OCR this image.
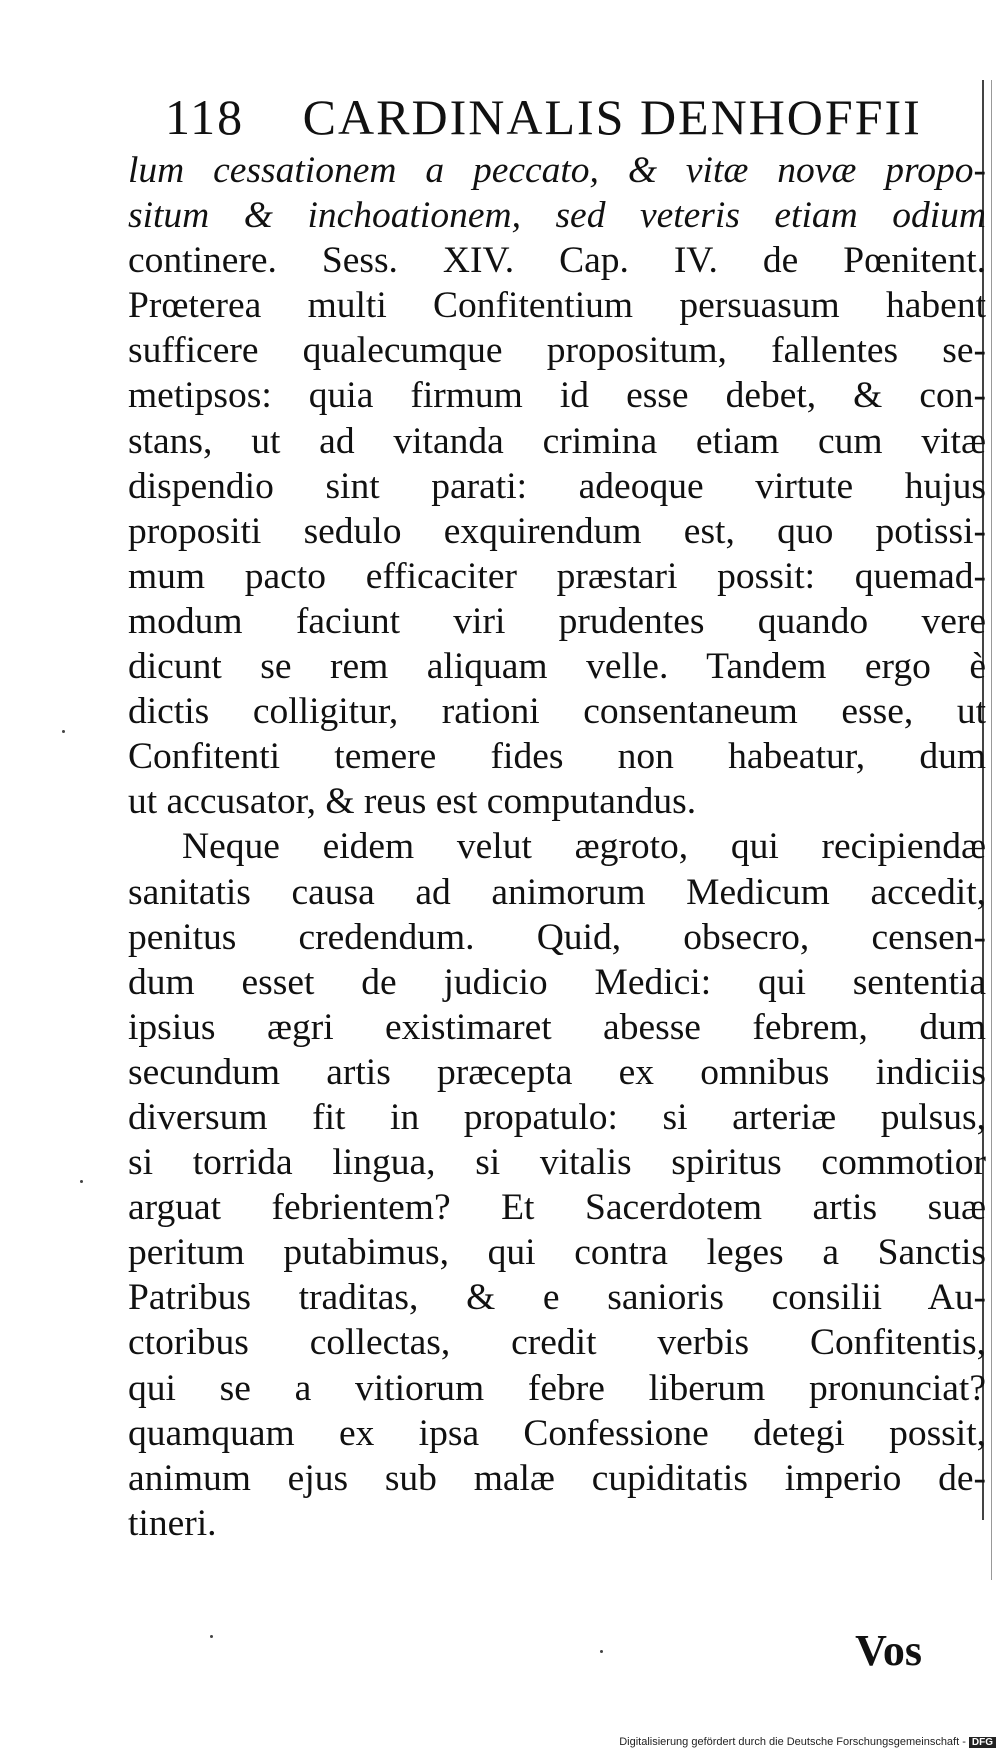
118 CARDINALIS DENHOFFII
lum cessationem a peccato, & vitæ novæ propo-
situm & inchoationem, sed veteris etiam odium
continere. Sess. XIV. Cap. IV. de Pœnitent.
Prœterea multi Confitentium persuasum habent
sufficere qualecumque propositum, fallentes se-
metipsos: quia firmum id esse debet, & con-
stans, ut ad vitanda crimina etiam cum vitæ
dispendio sint parati: adeoque virtute hujus
propositi sedulo exquirendum est, quo potissi-
mum pacto efficaciter præstari possit: quemad-
modum faciunt viri prudentes quando vere
dicunt se rem aliquam velle. Tandem ergo è
dictis colligitur, rationi consentaneum esse, ut
Confitenti temere fides non habeatur, dum
ut accusator, & reus est computandus.
Neque eidem velut ægroto, qui recipiendæ
sanitatis causa ad animorum Medicum accedit,
penitus credendum. Quid, obsecro, censen-
dum esset de judicio Medici: qui sententia
ipsius ægri existimaret abesse febrem, dum
secundum artis præcepta ex omnibus indiciis
diversum fit in propatulo: si arteriæ pulsus,
si torrida lingua, si vitalis spiritus commotior
arguat febrientem? Et Sacerdotem artis suæ
peritum putabimus, qui contra leges a Sanctis
Patribus traditas, & e sanioris consilii Au-
ctoribus collectas, credit verbis Confitentis,
qui se a vitiorum febre liberum pronunciat?
quamquam ex ipsa Confessione detegi possit,
animum ejus sub malæ cupiditatis imperio de-
tineri.
Vos
Digitalisierung gefördert durch die Deutsche Forschungsgemeinschaft - DFG
